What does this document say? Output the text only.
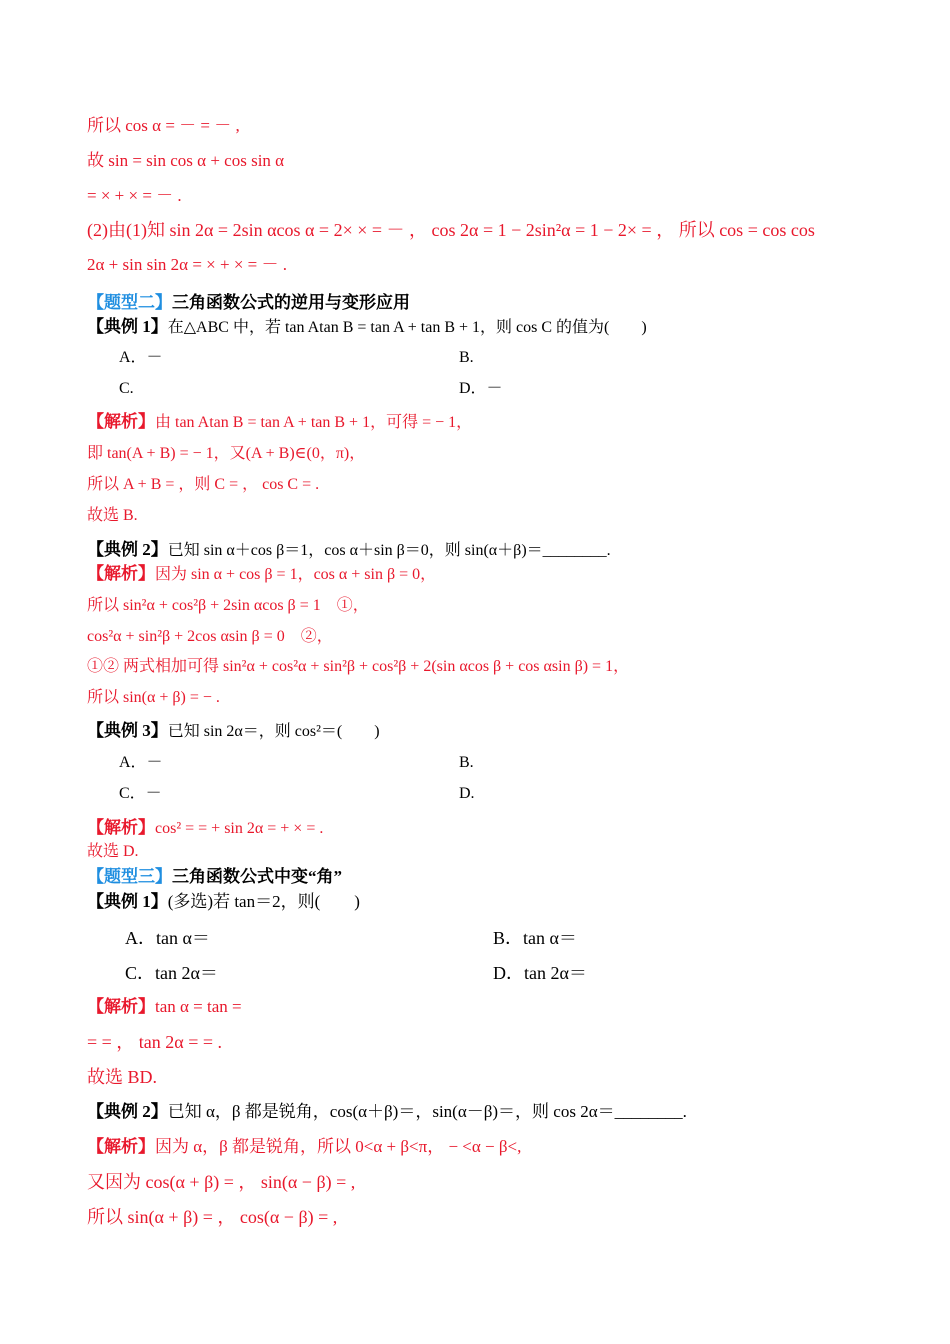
所以 cos α = － = － ,
故 sin = sin cos α + cos sin α
= × + × = － .
(2)由(1)知 sin 2α = 2sin αcos α = 2× × = － ， cos 2α = 1 − 2sin²α = 1 − 2× = ， 所以 cos = cos cos
2α + sin sin 2α = × + × = － .
【题型二】三角函数公式的逆用与变形应用
【典例 1】在△ABC 中，若 tan Atan B = tan A + tan B + 1，则 cos C 的值为(　　)
A．－	B.
C.	D．－
【解析】由 tan Atan B = tan A + tan B + 1，可得 = − 1，
即 tan(A + B) = − 1，又(A + B)∈(0，π)，
所以 A + B = ，则 C = ， cos C = .
故选 B.
【典例 2】已知 sin α＋cos β＝1，cos α＋sin β＝0，则 sin(α＋β)＝________.
【解析】因为 sin α + cos β = 1，cos α + sin β = 0，
所以 sin²α + cos²β + 2sin αcos β = 1　①，
cos²α + sin²β + 2cos αsin β = 0　②，
①② 两式相加可得 sin²α + cos²α + sin²β + cos²β + 2(sin αcos β + cos αsin β) = 1，
所以 sin(α + β) = − .
【典例 3】已知 sin 2α＝，则 cos²＝(　　)
A．－	B.
C．－	D.
【解析】cos² = = + sin 2α = + × = .
故选 D.
【题型三】三角函数公式中变“角”
【典例 1】(多选)若 tan＝2，则(　　)
A．tan α＝	B．tan α＝
C．tan 2α＝	D．tan 2α＝
【解析】tan α = tan =
= = ， tan 2α = = .
故选 BD.
【典例 2】已知 α，β 都是锐角，cos(α＋β)＝，sin(α－β)＝，则 cos 2α＝________.
【解析】因为 α，β 都是锐角，所以 0<α + β<π， − <α − β<,
又因为 cos(α + β) = ， sin(α − β) = ,
所以 sin(α + β) = ， cos(α − β) = ,
